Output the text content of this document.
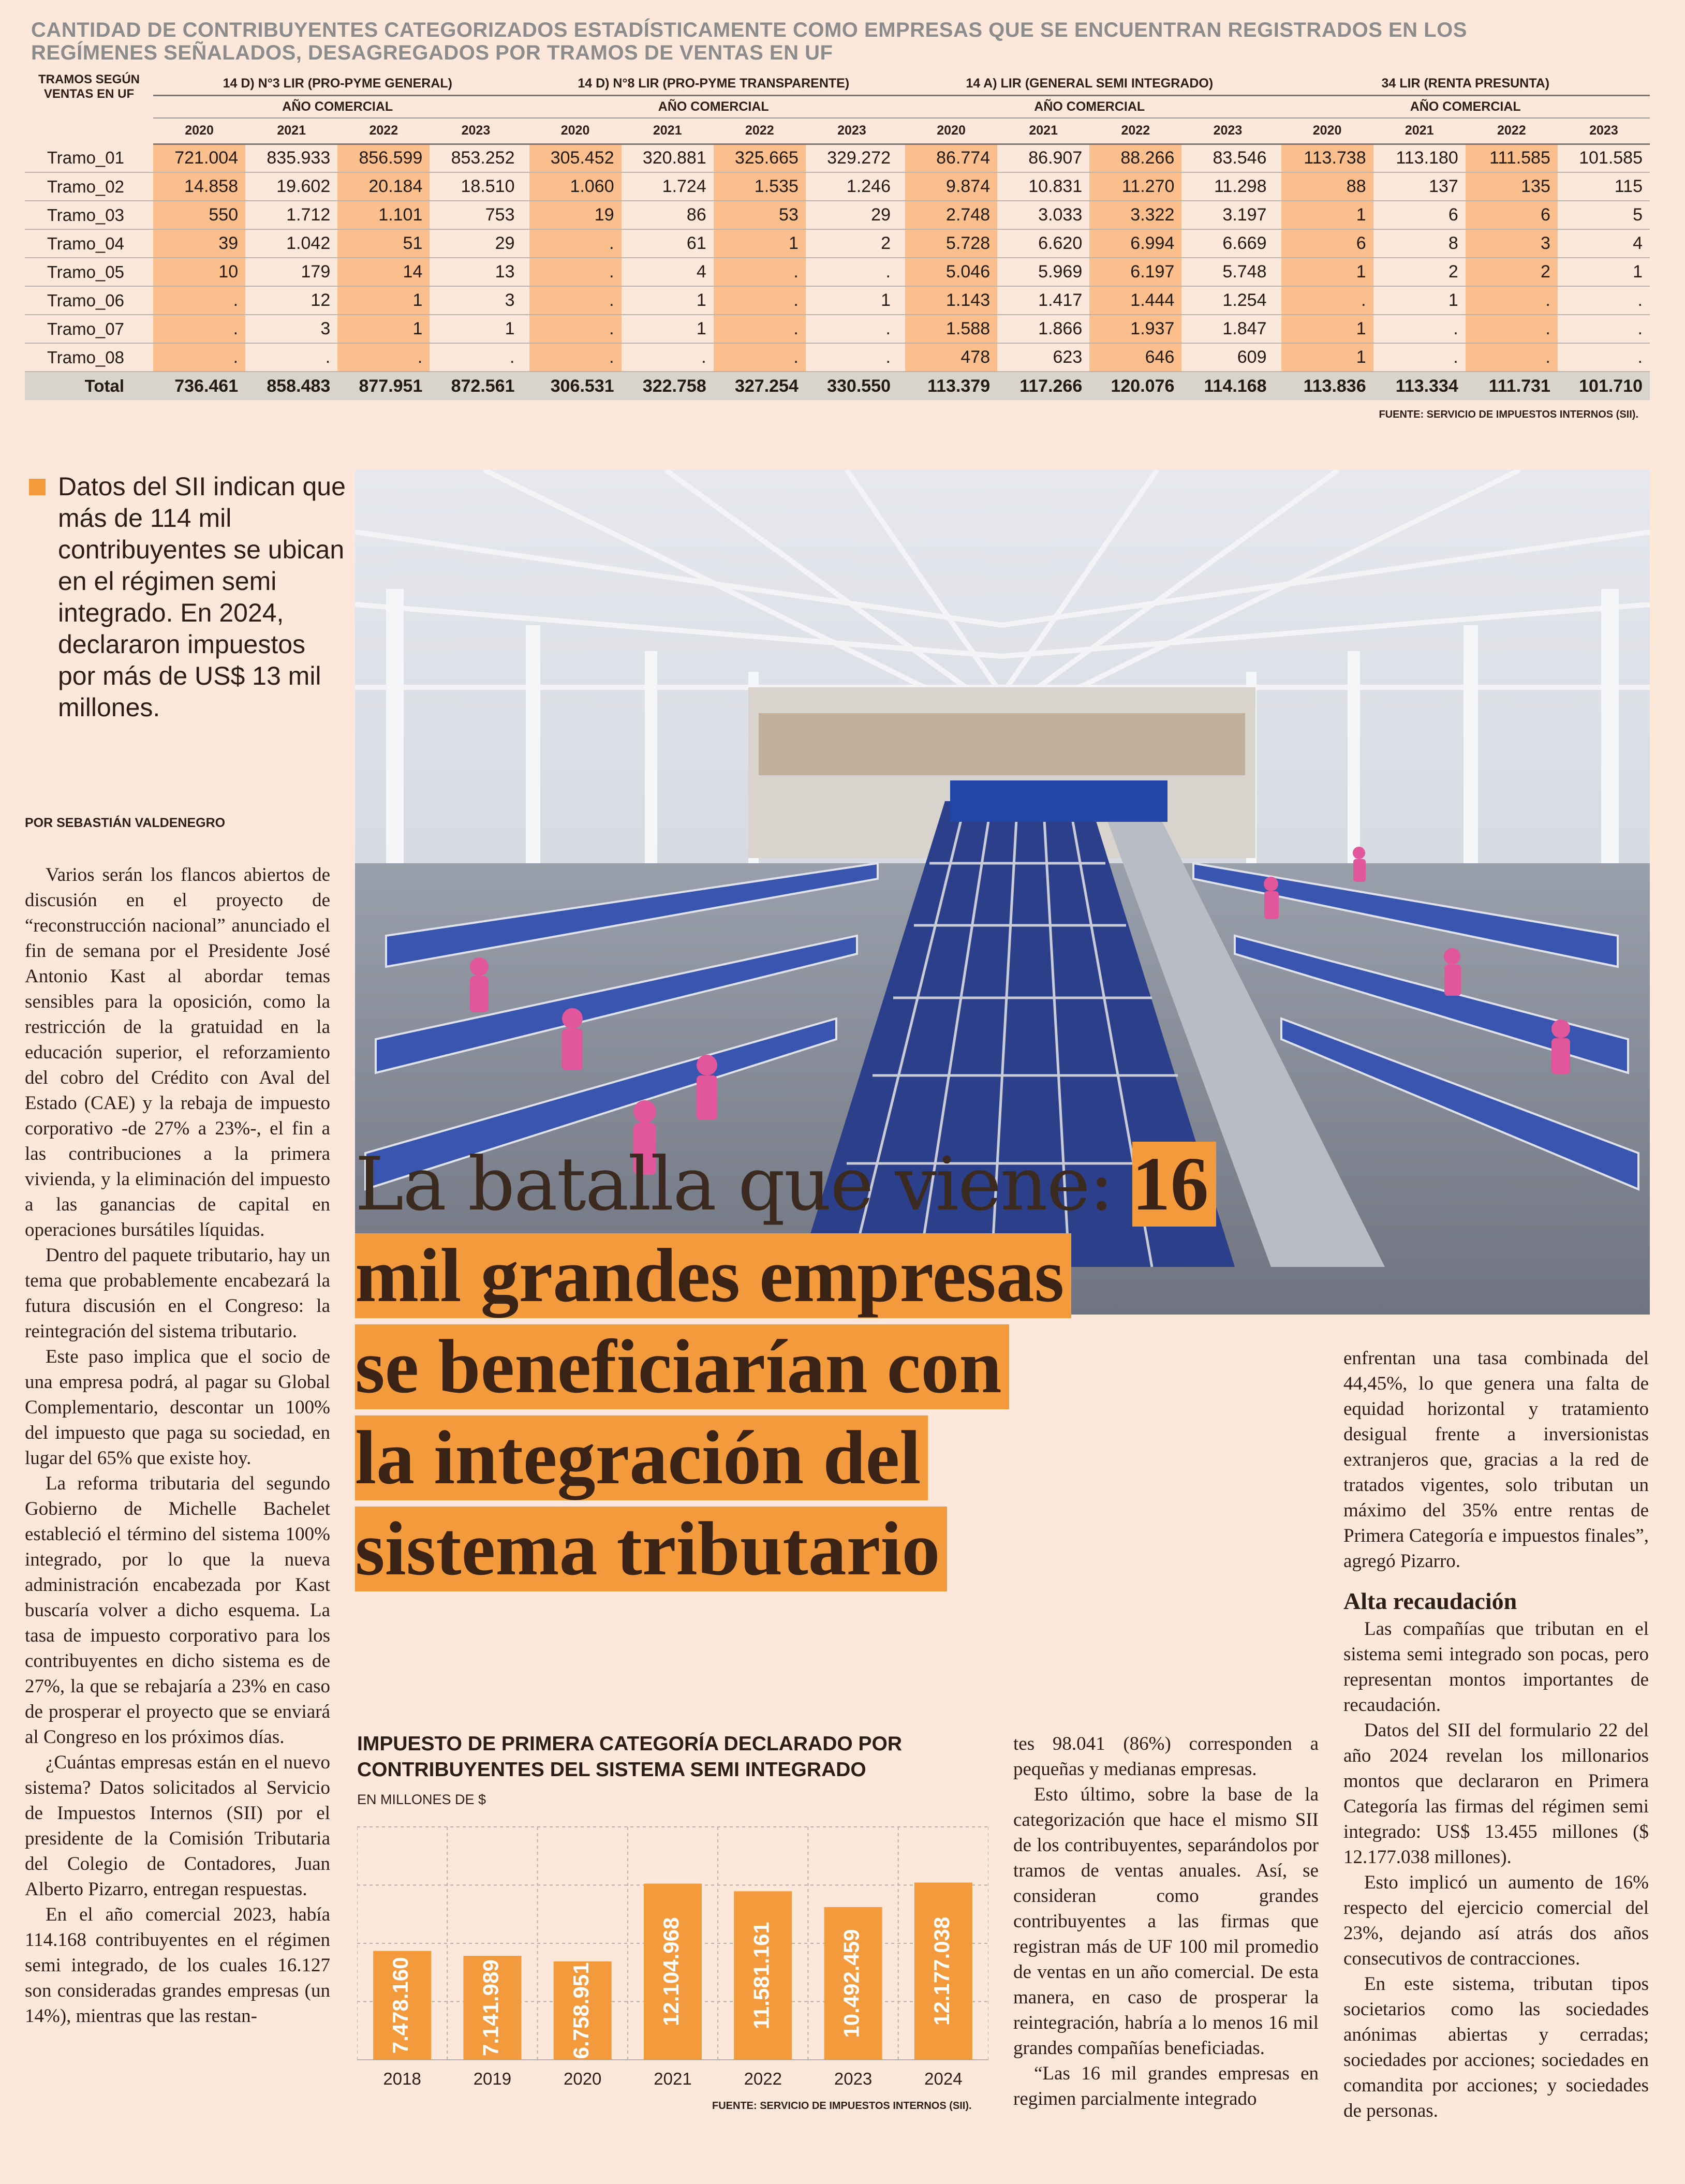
CANTIDAD DE CONTRIBUYENTES CATEGORIZADOS ESTADÍSTICAMENTE COMO EMPRESAS QUE SE ENCUENTRAN REGISTRADOS EN LOS REGÍMENES SEÑALADOS, DESAGREGADOS POR TRAMOS DE VENTAS EN UF
TRAMOS SEGÚN VENTAS EN UF	14 D) N°3 LIR (PRO-PYME GENERAL)					14 D) N°8 LIR (PRO-PYME TRANSPARENTE)					14 A) LIR (GENERAL SEMI INTEGRADO)					34 LIR (RENTA PRESUNTA)			
	AÑO COMERCIAL					AÑO COMERCIAL					AÑO COMERCIAL					AÑO COMERCIAL			
	2020	2021	2022	2023		2020	2021	2022	2023		2020	2021	2022	2023		2020	2021	2022	2023
Tramo_01	721.004	835.933	856.599	853.252		305.452	320.881	325.665	329.272		86.774	86.907	88.266	83.546		113.738	113.180	111.585	101.585
Tramo_02	14.858	19.602	20.184	18.510		1.060	1.724	1.535	1.246		9.874	10.831	11.270	11.298		88	137	135	115
Tramo_03	550	1.712	1.101	753		19	86	53	29		2.748	3.033	3.322	3.197		1	6	6	5
Tramo_04	39	1.042	51	29		.	61	1	2		5.728	6.620	6.994	6.669		6	8	3	4
Tramo_05	10	179	14	13		.	4	.	.		5.046	5.969	6.197	5.748		1	2	2	1
Tramo_06	.	12	1	3		.	1	.	1		1.143	1.417	1.444	1.254		.	1	.	.
Tramo_07	.	3	1	1		.	1	.	.		1.588	1.866	1.937	1.847		1	.	.	.
Tramo_08	.	.	.	.		.	.	.	.		478	623	646	609		1	.	.	.
Total	736.461	858.483	877.951	872.561		306.531	322.758	327.254	330.550		113.379	117.266	120.076	114.168		113.836	113.334	111.731	101.710
FUENTE: SERVICIO DE IMPUESTOS INTERNOS (SII).
Datos del SII indican que más de 114 mil contribuyentes se ubican en el régimen semi integrado. En 2024, declararon impuestos por más de US$ 13 mil millones.
POR SEBASTIÁN VALDENEGRO

Varios serán los flancos abiertos de discusión en el proyecto de “reconstrucción nacional” anunciado el fin de semana por el Presidente José Antonio Kast al abordar temas sensibles para la oposición, como la restricción de la gratuidad en la educación superior, el reforzamiento del cobro del Crédito con Aval del Estado (CAE) y la rebaja de impuesto corporativo -de 27% a 23%-, el fin a las contribuciones a la primera vivienda, y la eliminación del impuesto a las ganancias de capital en operaciones bursátiles líquidas.

Dentro del paquete tributario, hay un tema que probablemente encabezará la futura discusión en el Congreso: la reintegración del sistema tributario.

Este paso implica que el socio de una empresa podrá, al pagar su Global Complementario, descontar un 100% del impuesto que paga su sociedad, en lugar del 65% que existe hoy.

La reforma tributaria del segundo Gobierno de Michelle Bachelet estableció el término del sistema 100% integrado, por lo que la nueva administración encabezada por Kast buscaría volver a dicho esquema. La tasa de impuesto corporativo para los contribuyentes en dicho sistema es de 27%, la que se rebajaría a 23% en caso de prosperar el proyecto que se enviará al Congreso en los próximos días.

¿Cuántas empresas están en el nuevo sistema? Datos solicitados al Servicio de Impuestos Internos (SII) por el presidente de la Comisión Tributaria del Colegio de Contadores, Juan Alberto Pizarro, entregan respuestas.

En el año comercial 2023, había 114.168 contribuyentes en el régimen semi integrado, de los cuales 16.127 son consideradas grandes empresas (un 14%), mientras que las restan-

La batalla que viene: 16
mil grandes empresas
se beneficiarían con
la integración del
sistema tributario
IMPUESTO DE PRIMERA CATEGORÍA DECLARADO POR CONTRIBUYENTES DEL SISTEMA SEMI INTEGRADO
EN MILLONES DE $
7.478.160
2018
7.141.989
2019
6.758.951
2020
12.104.968
2021
11.581.161
2022
10.492.459
2023
12.177.038
2024
FUENTE: SERVICIO DE IMPUESTOS INTERNOS (SII).

tes 98.041 (86%) corresponden a pequeñas y medianas empresas.

Esto último, sobre la base de la categorización que hace el mismo SII de los contribuyentes, separándolos por tramos de ventas anuales. Así, se consideran como grandes contribuyentes a las firmas que registran más de UF 100 mil promedio de ventas en un año comercial. De esta manera, en caso de prosperar la reintegración, habría a lo menos 16 mil grandes compañías beneficiadas.

“Las 16 mil grandes empresas en regimen parcialmente integrado

enfrentan una tasa combinada del 44,45%, lo que genera una falta de equidad horizontal y tratamiento desigual frente a inversionistas extranjeros que, gracias a la red de tratados vigentes, solo tributan un máximo del 35% entre rentas de Primera Categoría e impuestos finales”, agregó Pizarro.

Alta recaudación

Las compañías que tributan en el sistema semi integrado son pocas, pero representan montos importantes de recaudación.

Datos del SII del formulario 22 del año 2024 revelan los millonarios montos que declararon en Primera Categoría las firmas del régimen semi integrado: US$ 13.455 millones ($ 12.177.038 millones).

Esto implicó un aumento de 16% respecto del ejercicio comercial del 23%, dejando así atrás dos años consecutivos de contracciones.

En este sistema, tributan tipos societarios como las sociedades anónimas abiertas y cerradas; sociedades por acciones; sociedades en comandita por acciones; y sociedades de personas.
